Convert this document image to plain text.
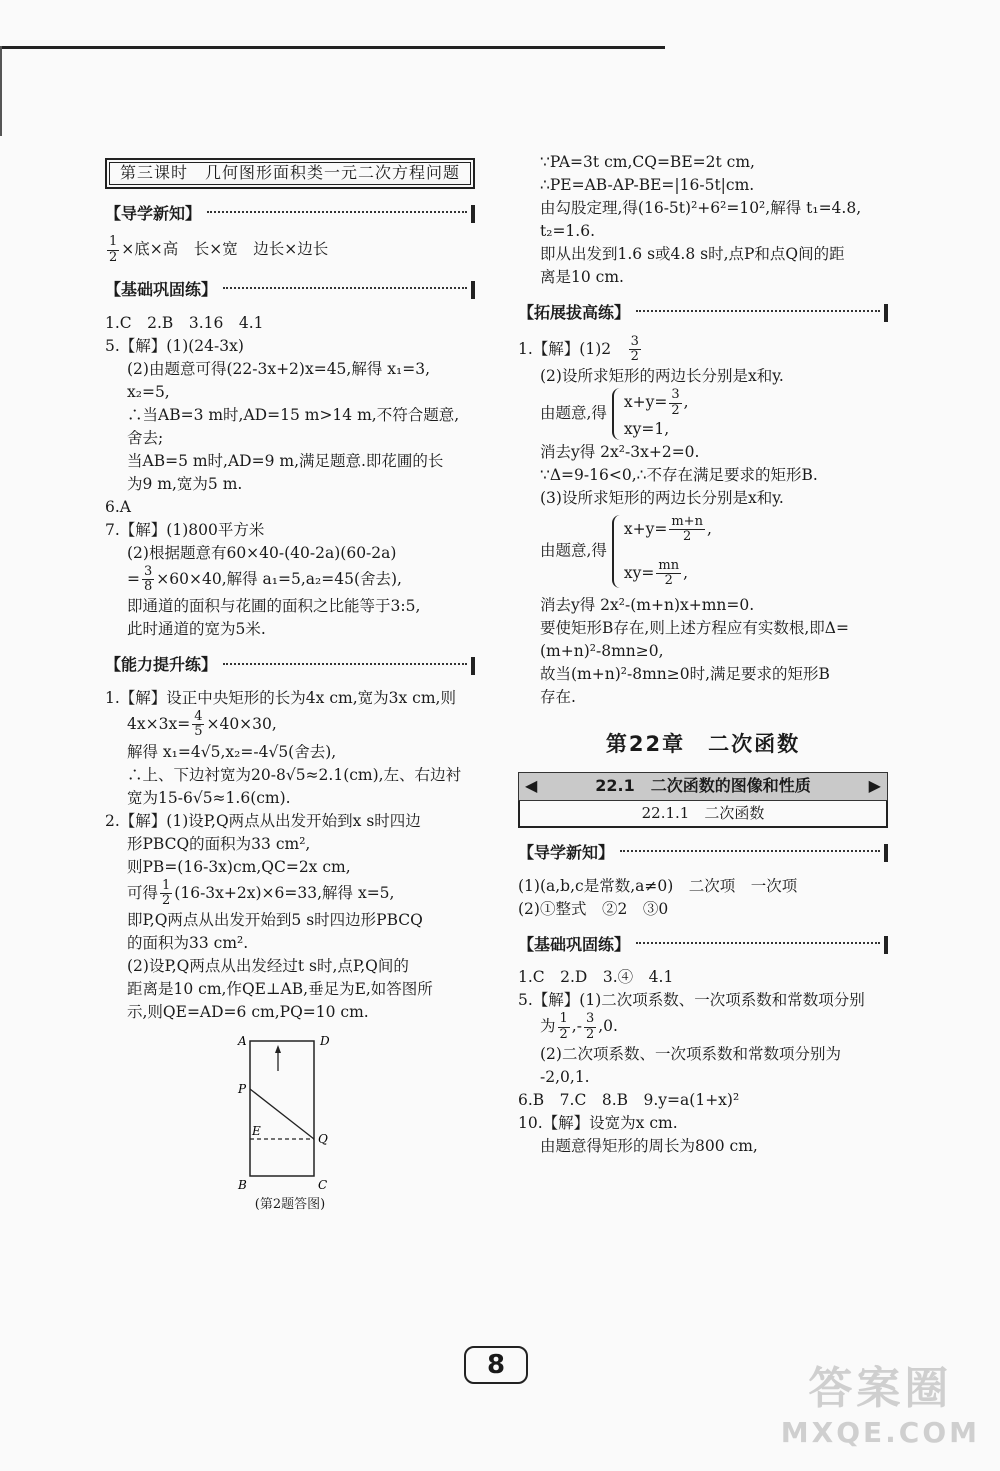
第三课时　几何图形面积类一元二次方程问题
【导学新知】
$\frac{1}{2}$ ×底×高　长×宽　边长×边长
【基础巩固练】
1.C　2.B　3.16　4.1
5.【解】(1)(24-3x)
(2)由题意可得(22-3x+2)x=45,解得 x₁=3,
x₂=5,
∴当AB=3 m时,AD=15 m>14 m,不符合题意,
舍去;
当AB=5 m时,AD=9 m,满足题意.即花圃的长
为9 m,宽为5 m.
6.A
7.【解】(1)800平方米
(2)根据题意有60×40-(40-2a)(60-2a)
= $\frac{3}{8} \times 60\times 40$,解得 a₁=5,a₂=45(舍去),
即通道的面积与花圃的面积之比能等于3:5,
此时通道的宽为5米.
【能力提升练】
1.【解】设正中央矩形的长为4x cm,宽为3x cm,则
$4x\times 3x= \frac{4}{5} \times 40\times 30$,
解得 x₁=4√5,x₂=-4√5(舍去),
∴上、下边衬宽为20-8√5≈2.1(cm),左、右边衬
宽为15-6√5≈1.6(cm).
2.【解】(1)设P,Q两点从出发开始到x s时四边
形PBCQ的面积为33 cm²,
则PB=(16-3x)cm,QC=2x cm,
可得 $\frac{1}{2} (16-3x+2x)\times 6=33$,解得 x=5,
即P,Q两点从出发开始到5 s时四边形PBCQ
的面积为33 cm².
(2)设P,Q两点从出发经过t s时,点P,Q间的
距离是10 cm,作QE⊥AB,垂足为E,如答图所
示,则QE=AD=6 cm,PQ=10 cm.
A	D
P
E
Q
B	C
(第2题答图)
∵PA=3t cm,CQ=BE=2t cm,
∴PE=AB-AP-BE=|16-5t|cm.
由勾股定理,得(16-5t)²+6²=10²,解得 t₁=4.8,
t₂=1.6.
即从出发到1.6 s或4.8 s时,点P和点Q间的距
离是10 cm.
【拓展拔高练】
1.【解】(1)2　 $\frac{3}{2}$
(2)设所求矩形的两边长分别是x和y.
由题意,得
$x+y= \frac{3}{2}$ ,
xy=1,
消去y得 2x²-3x+2=0.
∵Δ=9-16<0,∴不存在满足要求的矩形B.
(3)设所求矩形的两边长分别是x和y.
由题意,得
$x+y= \frac{m+n}{2}$ ,
$xy= \frac{mn}{2}$ ,
消去y得 2x²-(m+n)x+mn=0.
要使矩形B存在,则上述方程应有实数根,即Δ=
(m+n)²-8mn≥0,
故当(m+n)²-8mn≥0时,满足要求的矩形B
存在.
第22章　二次函数
◀	22.1　二次函数的图像和性质	▶
22.1.1　二次函数
【导学新知】
(1)(a,b,c是常数,a≠0)　二次项　一次项
(2)①整式　②2　③0
【基础巩固练】
1.C　2.D　3.④　4.1
5.【解】(1)二次项系数、一次项系数和常数项分别
为 $\frac{1}{2}$ ,- $\frac{3}{2} ,0$.
(2)二次项系数、一次项系数和常数项分别为
-2,0,1.
6.B　7.C　8.B　9.y=a(1+x)²
10.【解】设宽为x cm.
由题意得矩形的周长为800 cm,
8	答案圈
MXQE.COM
